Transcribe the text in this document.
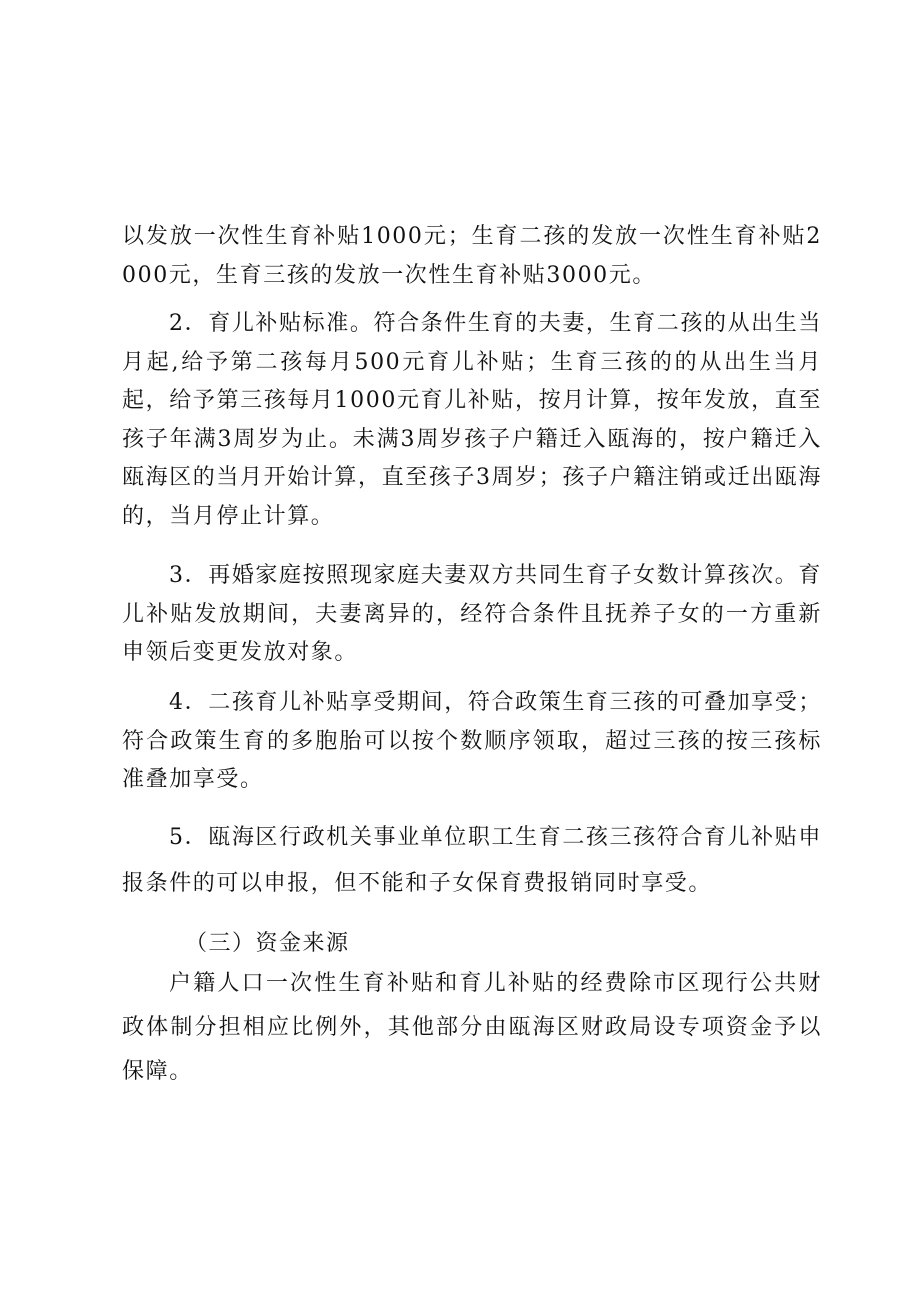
以发放一次性生育补贴1000元；生育二孩的发放一次性生育补贴2000元，生育三孩的发放一次性生育补贴3000元。

2．育儿补贴标准。符合条件生育的夫妻，生育二孩的从出生当月起,给予第二孩每月500元育儿补贴；生育三孩的的从出生当月起，给予第三孩每月1000元育儿补贴，按月计算，按年发放，直至孩子年满3周岁为止。未满3周岁孩子户籍迁入瓯海的，按户籍迁入瓯海区的当月开始计算，直至孩子3周岁；孩子户籍注销或迁出瓯海的，当月停止计算。

3．再婚家庭按照现家庭夫妻双方共同生育子女数计算孩次。育儿补贴发放期间，夫妻离异的，经符合条件且抚养子女的一方重新申领后变更发放对象。

4．二孩育儿补贴享受期间，符合政策生育三孩的可叠加享受；符合政策生育的多胞胎可以按个数顺序领取，超过三孩的按三孩标准叠加享受。

5．瓯海区行政机关事业单位职工生育二孩三孩符合育儿补贴申报条件的可以申报，但不能和子女保育费报销同时享受。

（三）资金来源

户籍人口一次性生育补贴和育儿补贴的经费除市区现行公共财政体制分担相应比例外，其他部分由瓯海区财政局设专项资金予以保障。
